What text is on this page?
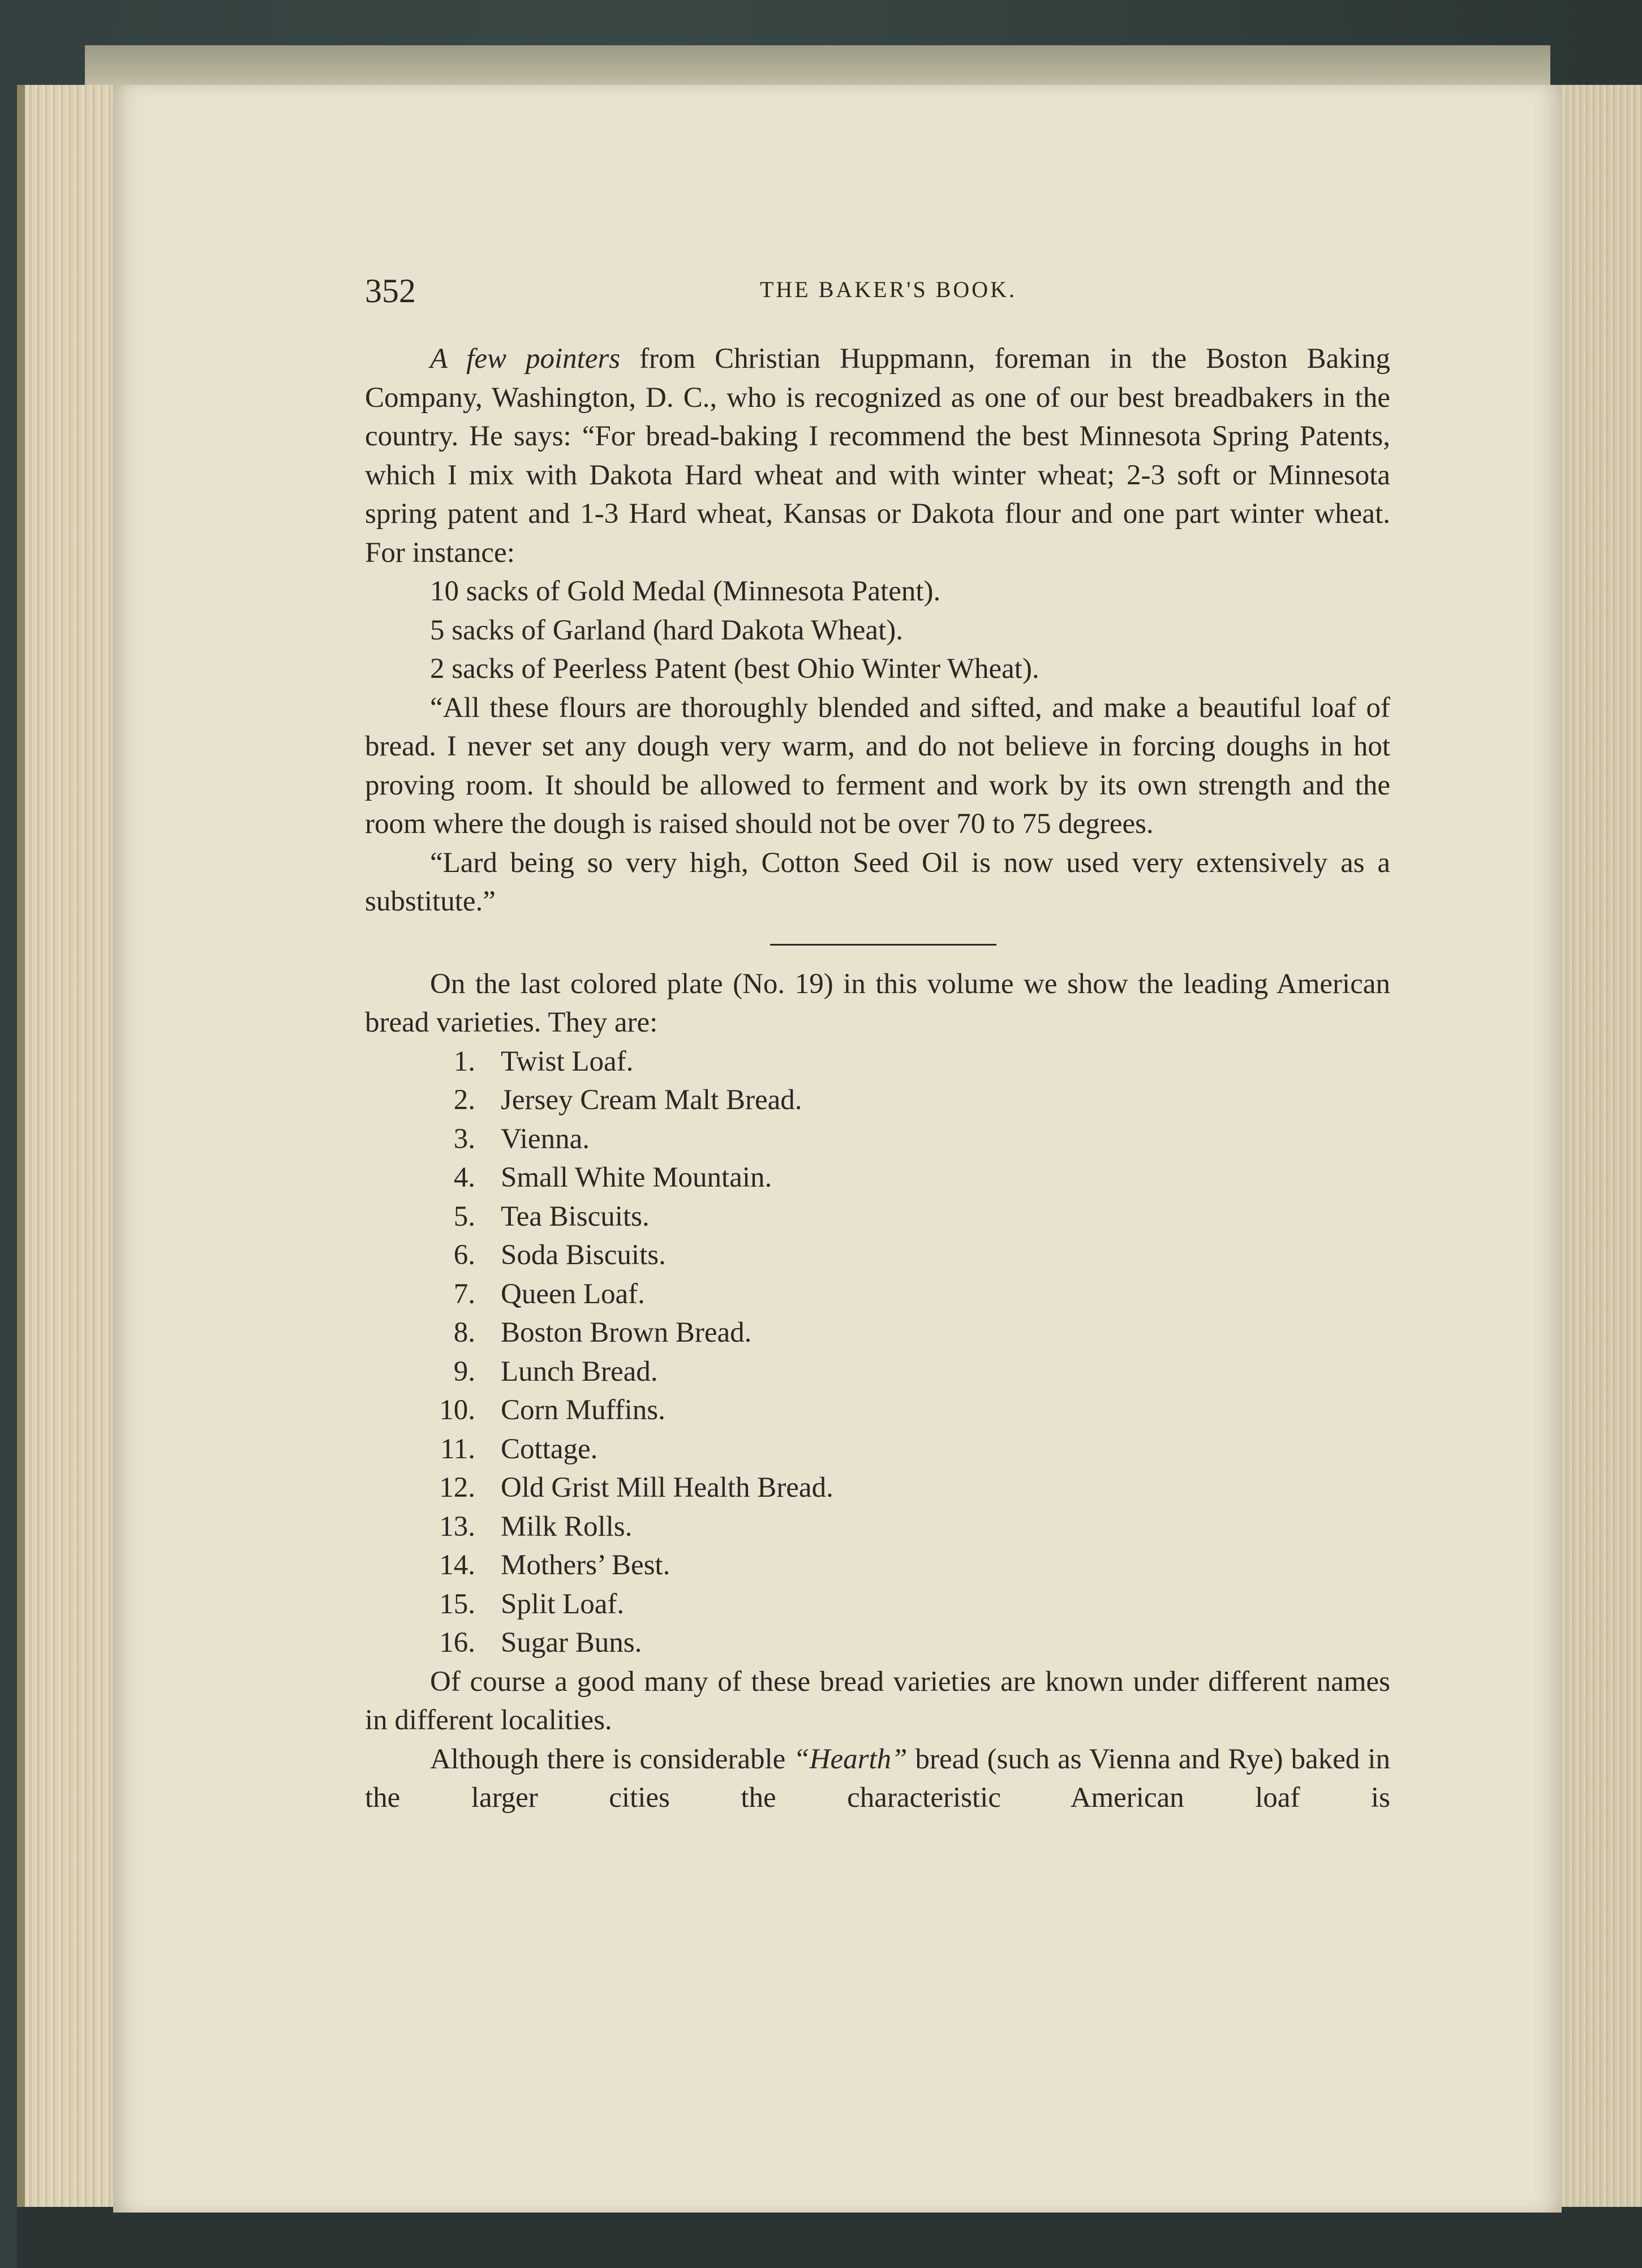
352	THE BAKER'S BOOK.

A few pointers from Christian Huppmann, foreman in the Boston Baking Company, Washington, D. C., who is recognized as one of our best breadbakers in the country. He says: “For bread-baking I recommend the best Minnesota Spring Patents, which I mix with Dakota Hard wheat and with winter wheat; 2-3 soft or Minnesota spring patent and 1-3 Hard wheat, Kansas or Dakota flour and one part winter wheat. For instance:

10 sacks of Gold Medal (Minnesota Patent).

5 sacks of Garland (hard Dakota Wheat).

2 sacks of Peerless Patent (best Ohio Winter Wheat).

“All these flours are thoroughly blended and sifted, and make a beautiful loaf of bread. I never set any dough very warm, and do not believe in forcing doughs in hot proving room. It should be allowed to ferment and work by its own strength and the room where the dough is raised should not be over 70 to 75 degrees.

“Lard being so very high, Cotton Seed Oil is now used very extensively as a substitute.”

On the last colored plate (No. 19) in this volume we show the leading American bread varieties. They are:

1. Twist Loaf.
2. Jersey Cream Malt Bread.
3. Vienna.
4. Small White Mountain.
5. Tea Biscuits.
6. Soda Biscuits.
7. Queen Loaf.
8. Boston Brown Bread.
9. Lunch Bread.
10. Corn Muffins.
11. Cottage.
12. Old Grist Mill Health Bread.
13. Milk Rolls.
14. Mothers’ Best.
15. Split Loaf.
16. Sugar Buns.

Of course a good many of these bread varieties are known under different names in different localities.

Although there is considerable “Hearth” bread (such as Vienna and Rye) baked in the larger cities the characteristic American loaf is
